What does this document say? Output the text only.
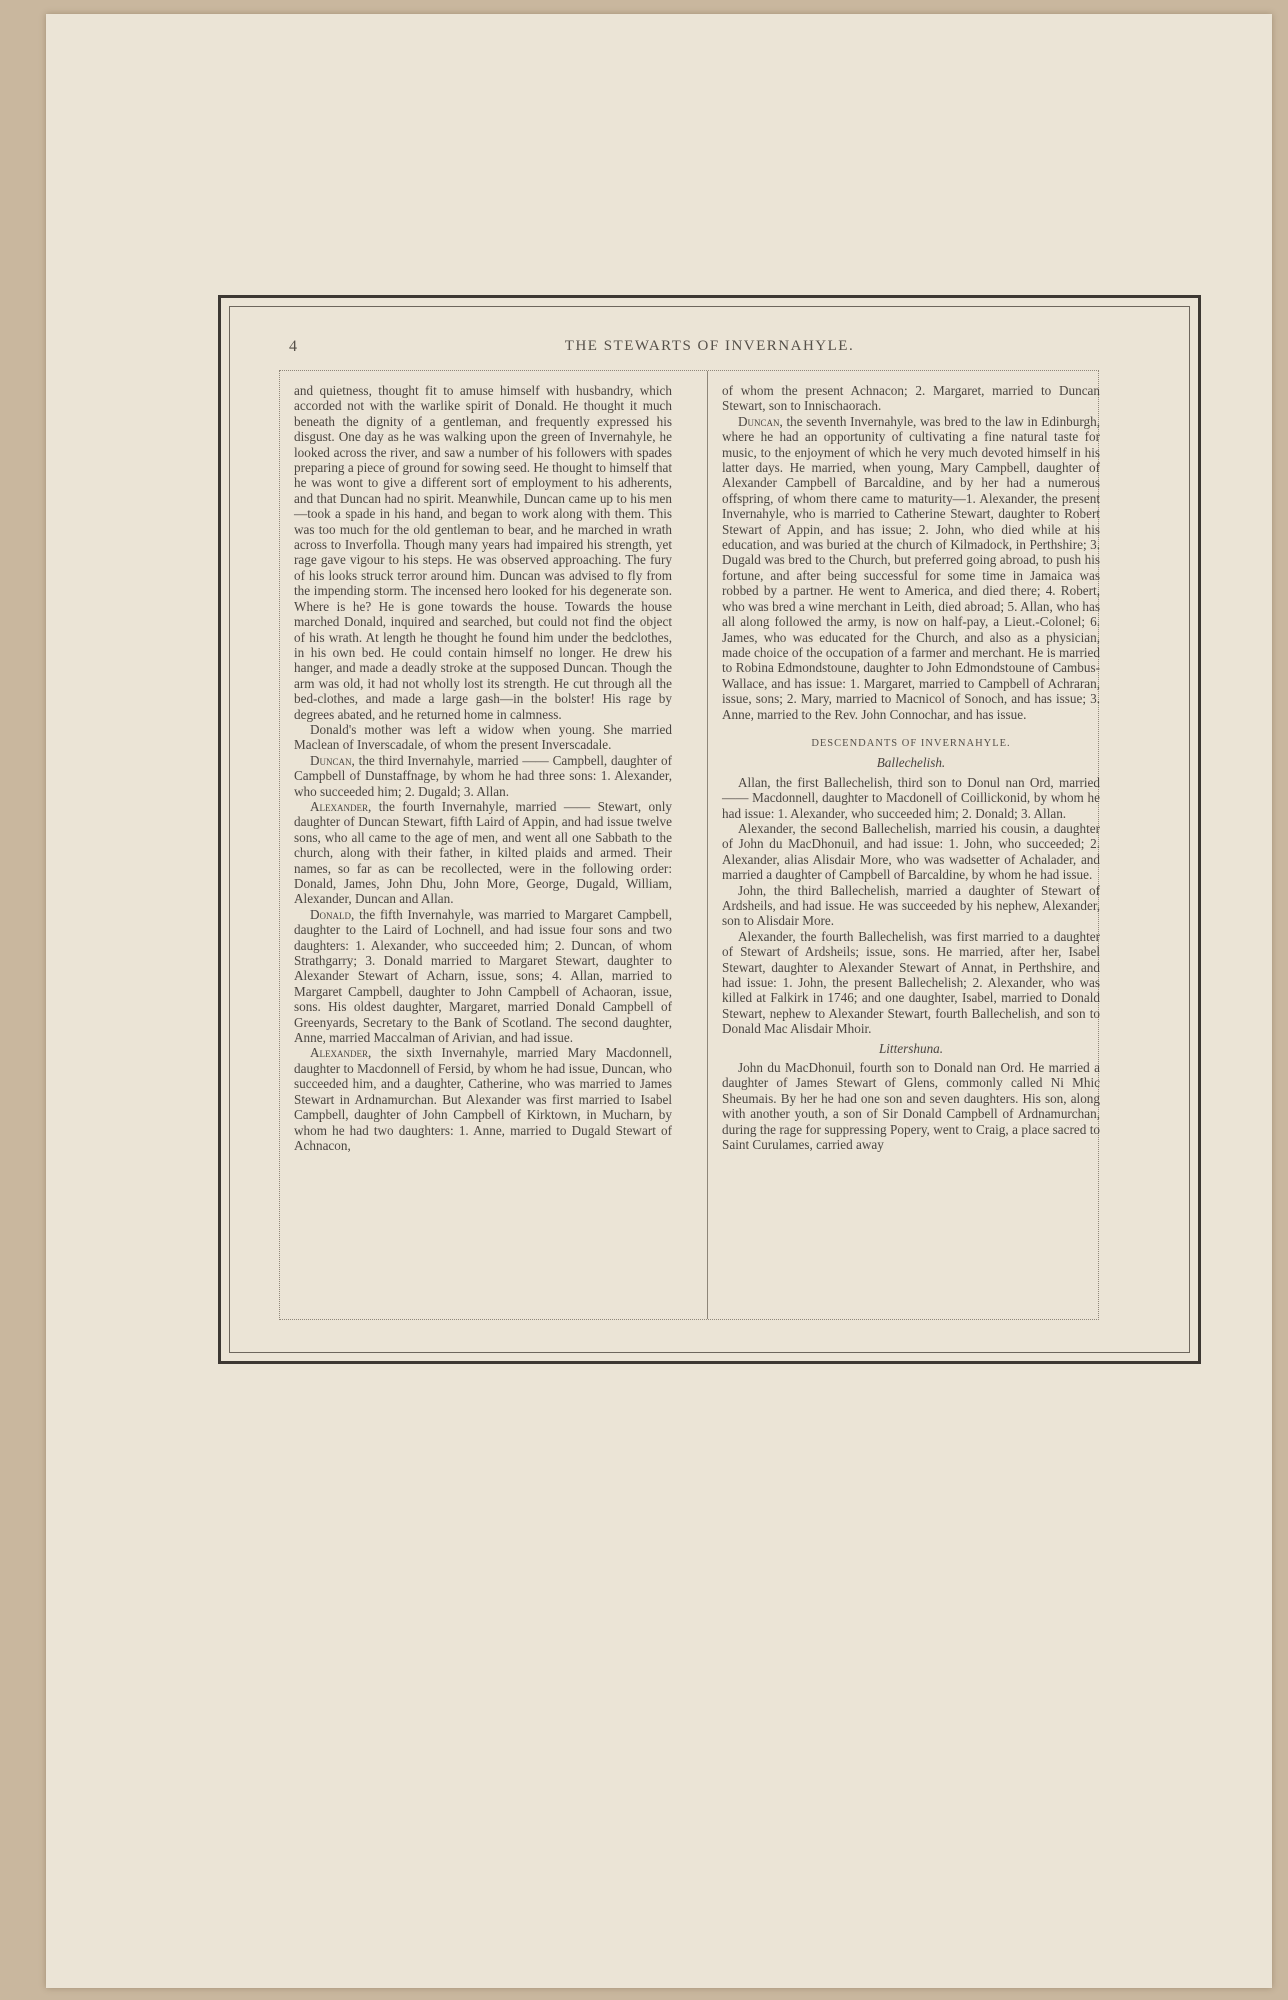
4	THE STEWARTS OF INVERNAHYLE.

and quietness, thought fit to amuse himself with husbandry, which accorded not with the warlike spirit of Donald. He thought it much beneath the dignity of a gentleman, and frequently expressed his disgust. One day as he was walking upon the green of Invernahyle, he looked across the river, and saw a number of his followers with spades preparing a piece of ground for sowing seed. He thought to himself that he was wont to give a different sort of employment to his adherents, and that Duncan had no spirit. Meanwhile, Duncan came up to his men—took a spade in his hand, and began to work along with them. This was too much for the old gentleman to bear, and he marched in wrath across to Inverfolla. Though many years had impaired his strength, yet rage gave vigour to his steps. He was observed approaching. The fury of his looks struck terror around him. Duncan was advised to fly from the impending storm. The incensed hero looked for his degenerate son. Where is he? He is gone towards the house. Towards the house marched Donald, inquired and searched, but could not find the object of his wrath. At length he thought he found him under the bedclothes, in his own bed. He could contain himself no longer. He drew his hanger, and made a deadly stroke at the supposed Duncan. Though the arm was old, it had not wholly lost its strength. He cut through all the bed-clothes, and made a large gash—in the bolster! His rage by degrees abated, and he returned home in calmness.

Donald's mother was left a widow when young. She married Maclean of Inverscadale, of whom the present Inverscadale.

Duncan, the third Invernahyle, married —— Campbell, daughter of Campbell of Dunstaffnage, by whom he had three sons: 1. Alexander, who succeeded him; 2. Dugald; 3. Allan.

Alexander, the fourth Invernahyle, married —— Stewart, only daughter of Duncan Stewart, fifth Laird of Appin, and had issue twelve sons, who all came to the age of men, and went all one Sabbath to the church, along with their father, in kilted plaids and armed. Their names, so far as can be recollected, were in the following order: Donald, James, John Dhu, John More, George, Dugald, William, Alexander, Duncan and Allan.

Donald, the fifth Invernahyle, was married to Margaret Campbell, daughter to the Laird of Lochnell, and had issue four sons and two daughters: 1. Alexander, who succeeded him; 2. Duncan, of whom Strathgarry; 3. Donald married to Margaret Stewart, daughter to Alexander Stewart of Acharn, issue, sons; 4. Allan, married to Margaret Campbell, daughter to John Campbell of Achaoran, issue, sons. His oldest daughter, Margaret, married Donald Campbell of Greenyards, Secretary to the Bank of Scotland. The second daughter, Anne, married Maccalman of Arivian, and had issue.

Alexander, the sixth Invernahyle, married Mary Macdonnell, daughter to Macdonnell of Fersid, by whom he had issue, Duncan, who succeeded him, and a daughter, Catherine, who was married to James Stewart in Ardnamurchan. But Alexander was first married to Isabel Campbell, daughter of John Campbell of Kirktown, in Mucharn, by whom he had two daughters: 1. Anne, married to Dugald Stewart of Achnacon,

of whom the present Achnacon; 2. Margaret, married to Duncan Stewart, son to Innischaorach.

Duncan, the seventh Invernahyle, was bred to the law in Edinburgh, where he had an opportunity of cultivating a fine natural taste for music, to the enjoyment of which he very much devoted himself in his latter days. He married, when young, Mary Campbell, daughter of Alexander Campbell of Barcaldine, and by her had a numerous offspring, of whom there came to maturity—1. Alexander, the present Invernahyle, who is married to Catherine Stewart, daughter to Robert Stewart of Appin, and has issue; 2. John, who died while at his education, and was buried at the church of Kilmadock, in Perthshire; 3. Dugald was bred to the Church, but preferred going abroad, to push his fortune, and after being successful for some time in Jamaica was robbed by a partner. He went to America, and died there; 4. Robert, who was bred a wine merchant in Leith, died abroad; 5. Allan, who has all along followed the army, is now on half-pay, a Lieut.-Colonel; 6. James, who was educated for the Church, and also as a physician, made choice of the occupation of a farmer and merchant. He is married to Robina Edmondstoune, daughter to John Edmondstoune of Cambus-Wallace, and has issue: 1. Margaret, married to Campbell of Achraran, issue, sons; 2. Mary, married to Macnicol of Sonoch, and has issue; 3. Anne, married to the Rev. John Connochar, and has issue.

DESCENDANTS OF INVERNAHYLE.
Ballechelish.

Allan, the first Ballechelish, third son to Donul nan Ord, married —— Macdonnell, daughter to Macdonell of Coillickonid, by whom he had issue: 1. Alexander, who succeeded him; 2. Donald; 3. Allan.

Alexander, the second Ballechelish, married his cousin, a daughter of John du MacDhonuil, and had issue: 1. John, who succeeded; 2. Alexander, alias Alisdair More, who was wadsetter of Achalader, and married a daughter of Campbell of Barcaldine, by whom he had issue.

John, the third Ballechelish, married a daughter of Stewart of Ardsheils, and had issue. He was succeeded by his nephew, Alexander, son to Alisdair More.

Alexander, the fourth Ballechelish, was first married to a daughter of Stewart of Ardsheils; issue, sons. He married, after her, Isabel Stewart, daughter to Alexander Stewart of Annat, in Perthshire, and had issue: 1. John, the present Ballechelish; 2. Alexander, who was killed at Falkirk in 1746; and one daughter, Isabel, married to Donald Stewart, nephew to Alexander Stewart, fourth Ballechelish, and son to Donald Mac Alisdair Mhoir.

Littershuna.

John du MacDhonuil, fourth son to Donald nan Ord. He married a daughter of James Stewart of Glens, commonly called Ni Mhic Sheumais. By her he had one son and seven daughters. His son, along with another youth, a son of Sir Donald Campbell of Ardnamurchan, during the rage for suppressing Popery, went to Craig, a place sacred to Saint Curulames, carried away
